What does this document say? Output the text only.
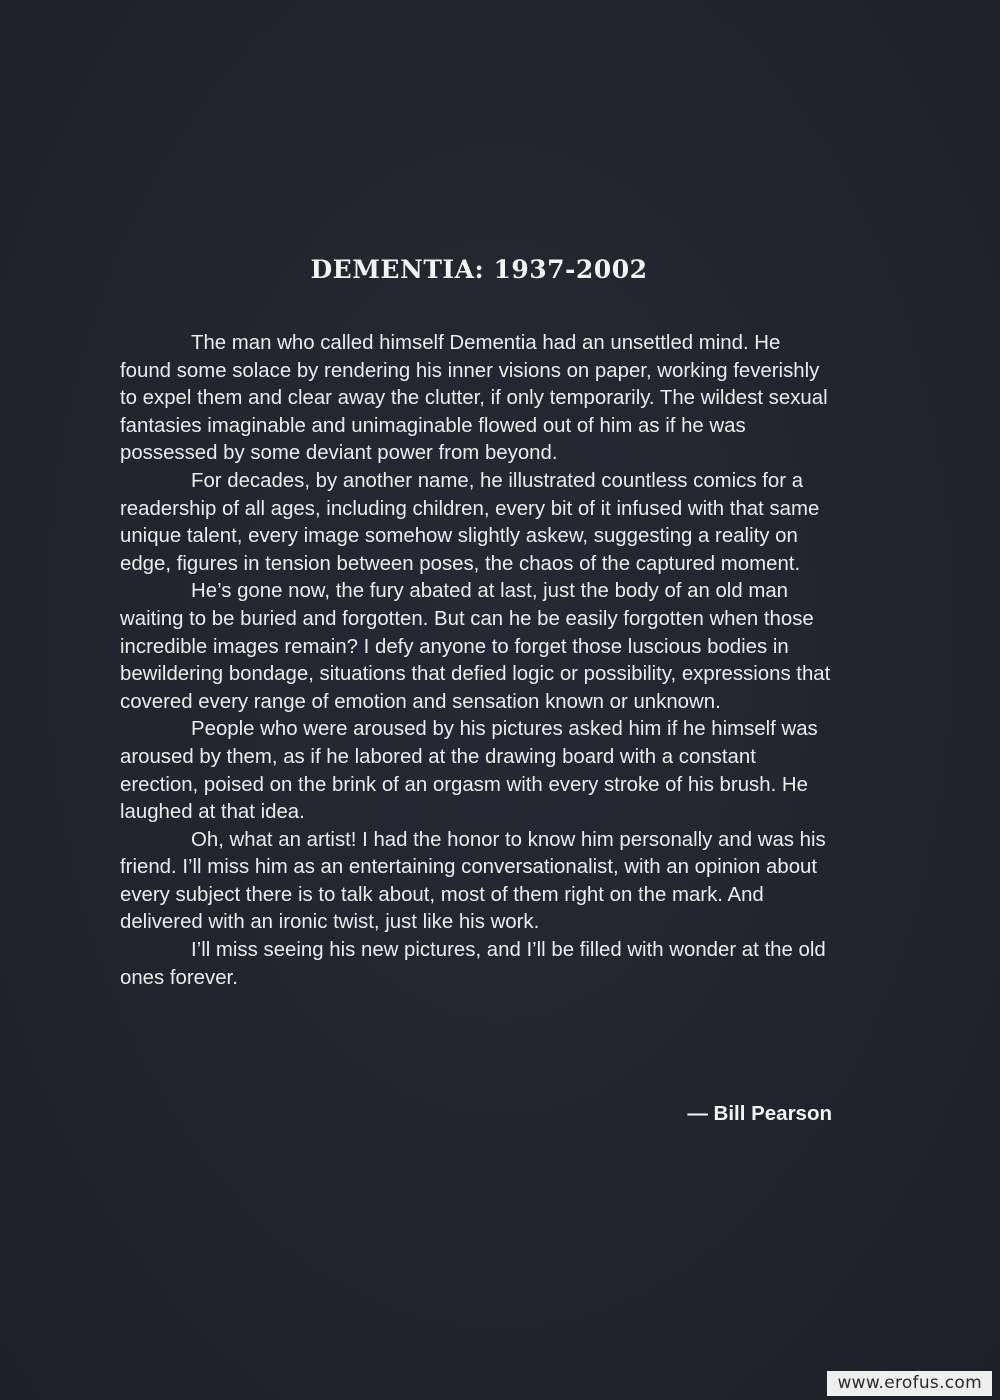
DEMENTIA: 1937-2002

The man who called himself Dementia had an unsettled mind. He found some solace by rendering his inner visions on paper, working feverishly to expel them and clear away the clutter, if only temporarily. The wildest sexual fantasies imaginable and unimaginable flowed out of him as if he was possessed by some deviant power from beyond.

For decades, by another name, he illustrated countless comics for a readership of all ages, including children, every bit of it infused with that same unique talent, every image somehow slightly askew, suggesting a reality on edge, figures in tension between poses, the chaos of the captured moment.

He’s gone now, the fury abated at last, just the body of an old man waiting to be buried and forgotten. But can he be easily forgotten when those incredible images remain? I defy anyone to forget those luscious bodies in bewildering bondage, situations that defied logic or possibility, expressions that covered every range of emotion and sensation known or unknown.

People who were aroused by his pictures asked him if he himself was aroused by them, as if he labored at the drawing board with a constant erection, poised on the brink of an orgasm with every stroke of his brush. He laughed at that idea.

Oh, what an artist! I had the honor to know him personally and was his friend. I’ll miss him as an entertaining conversationalist, with an opinion about every subject there is to talk about, most of them right on the mark. And delivered with an ironic twist, just like his work.

I’ll miss seeing his new pictures, and I’ll be filled with wonder at the old ones forever.

— Bill Pearson
www.erofus.com
